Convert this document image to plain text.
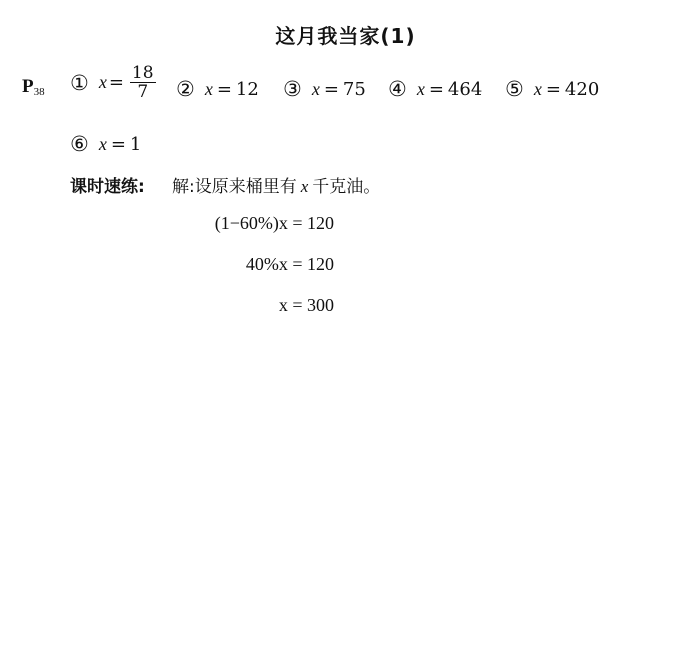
这月我当家(1)
$P_{38}$ ① $x = \frac{18}{7}$ ② x = 12 ③ x = 75 ④ x = 464 ⑤ x = 420
⑥ x = 1
课时速练: 解:设原来桶里有 x 千克油。
(1−60%)x = 120
40%x = 120
x = 300
